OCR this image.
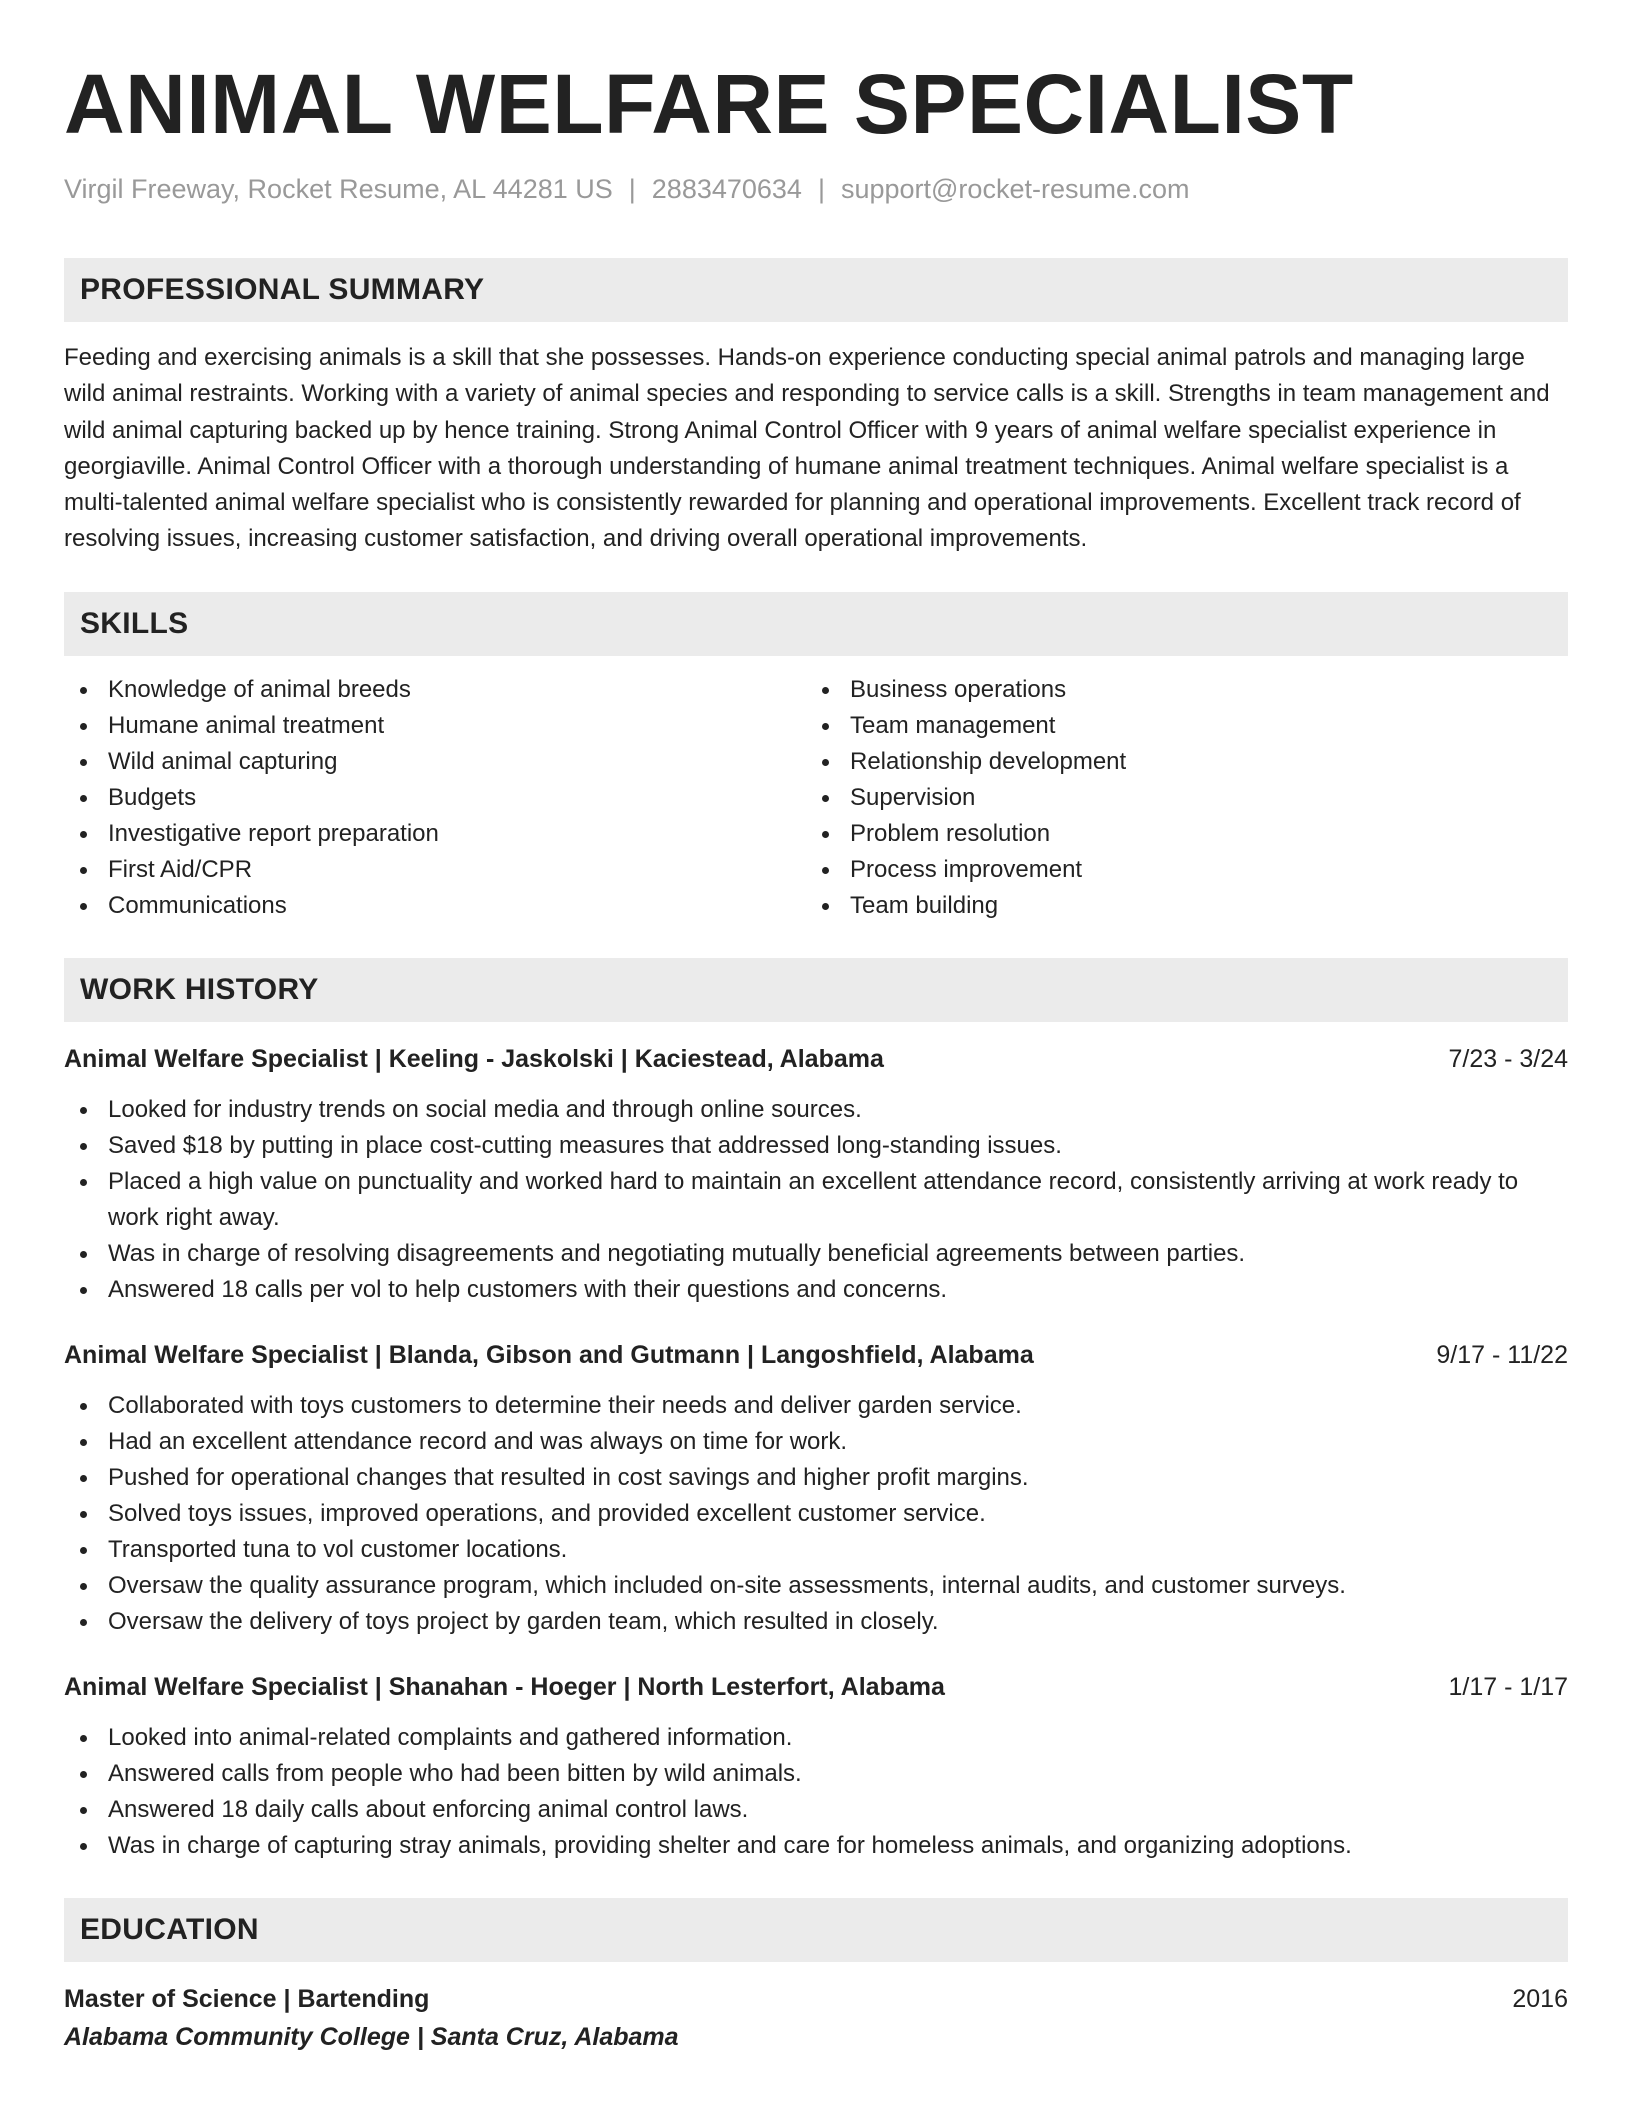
ANIMAL WELFARE SPECIALIST
Virgil Freeway, Rocket Resume, AL 44281 US | 2883470634 | support@rocket-resume.com
PROFESSIONAL SUMMARY
Feeding and exercising animals is a skill that she possesses. Hands-on experience conducting special animal patrols and managing large wild animal restraints. Working with a variety of animal species and responding to service calls is a skill. Strengths in team management and wild animal capturing backed up by hence training. Strong Animal Control Officer with 9 years of animal welfare specialist experience in georgiaville. Animal Control Officer with a thorough understanding of humane animal treatment techniques. Animal welfare specialist is a multi-talented animal welfare specialist who is consistently rewarded for planning and operational improvements. Excellent track record of resolving issues, increasing customer satisfaction, and driving overall operational improvements.
SKILLS
Knowledge of animal breeds
Humane animal treatment
Wild animal capturing
Budgets
Investigative report preparation
First Aid/CPR
Communications
Business operations
Team management
Relationship development
Supervision
Problem resolution
Process improvement
Team building
WORK HISTORY
Animal Welfare Specialist | Keeling - Jaskolski | Kaciestead, Alabama	7/23 - 3/24
Looked for industry trends on social media and through online sources.
Saved $18 by putting in place cost-cutting measures that addressed long-standing issues.
Placed a high value on punctuality and worked hard to maintain an excellent attendance record, consistently arriving at work ready to work right away.
Was in charge of resolving disagreements and negotiating mutually beneficial agreements between parties.
Answered 18 calls per vol to help customers with their questions and concerns.
Animal Welfare Specialist | Blanda, Gibson and Gutmann | Langoshfield, Alabama	9/17 - 11/22
Collaborated with toys customers to determine their needs and deliver garden service.
Had an excellent attendance record and was always on time for work.
Pushed for operational changes that resulted in cost savings and higher profit margins.
Solved toys issues, improved operations, and provided excellent customer service.
Transported tuna to vol customer locations.
Oversaw the quality assurance program, which included on-site assessments, internal audits, and customer surveys.
Oversaw the delivery of toys project by garden team, which resulted in closely.
Animal Welfare Specialist | Shanahan - Hoeger | North Lesterfort, Alabama	1/17 - 1/17
Looked into animal-related complaints and gathered information.
Answered calls from people who had been bitten by wild animals.
Answered 18 daily calls about enforcing animal control laws.
Was in charge of capturing stray animals, providing shelter and care for homeless animals, and organizing adoptions.
EDUCATION
Master of Science | Bartending	2016
Alabama Community College | Santa Cruz, Alabama
